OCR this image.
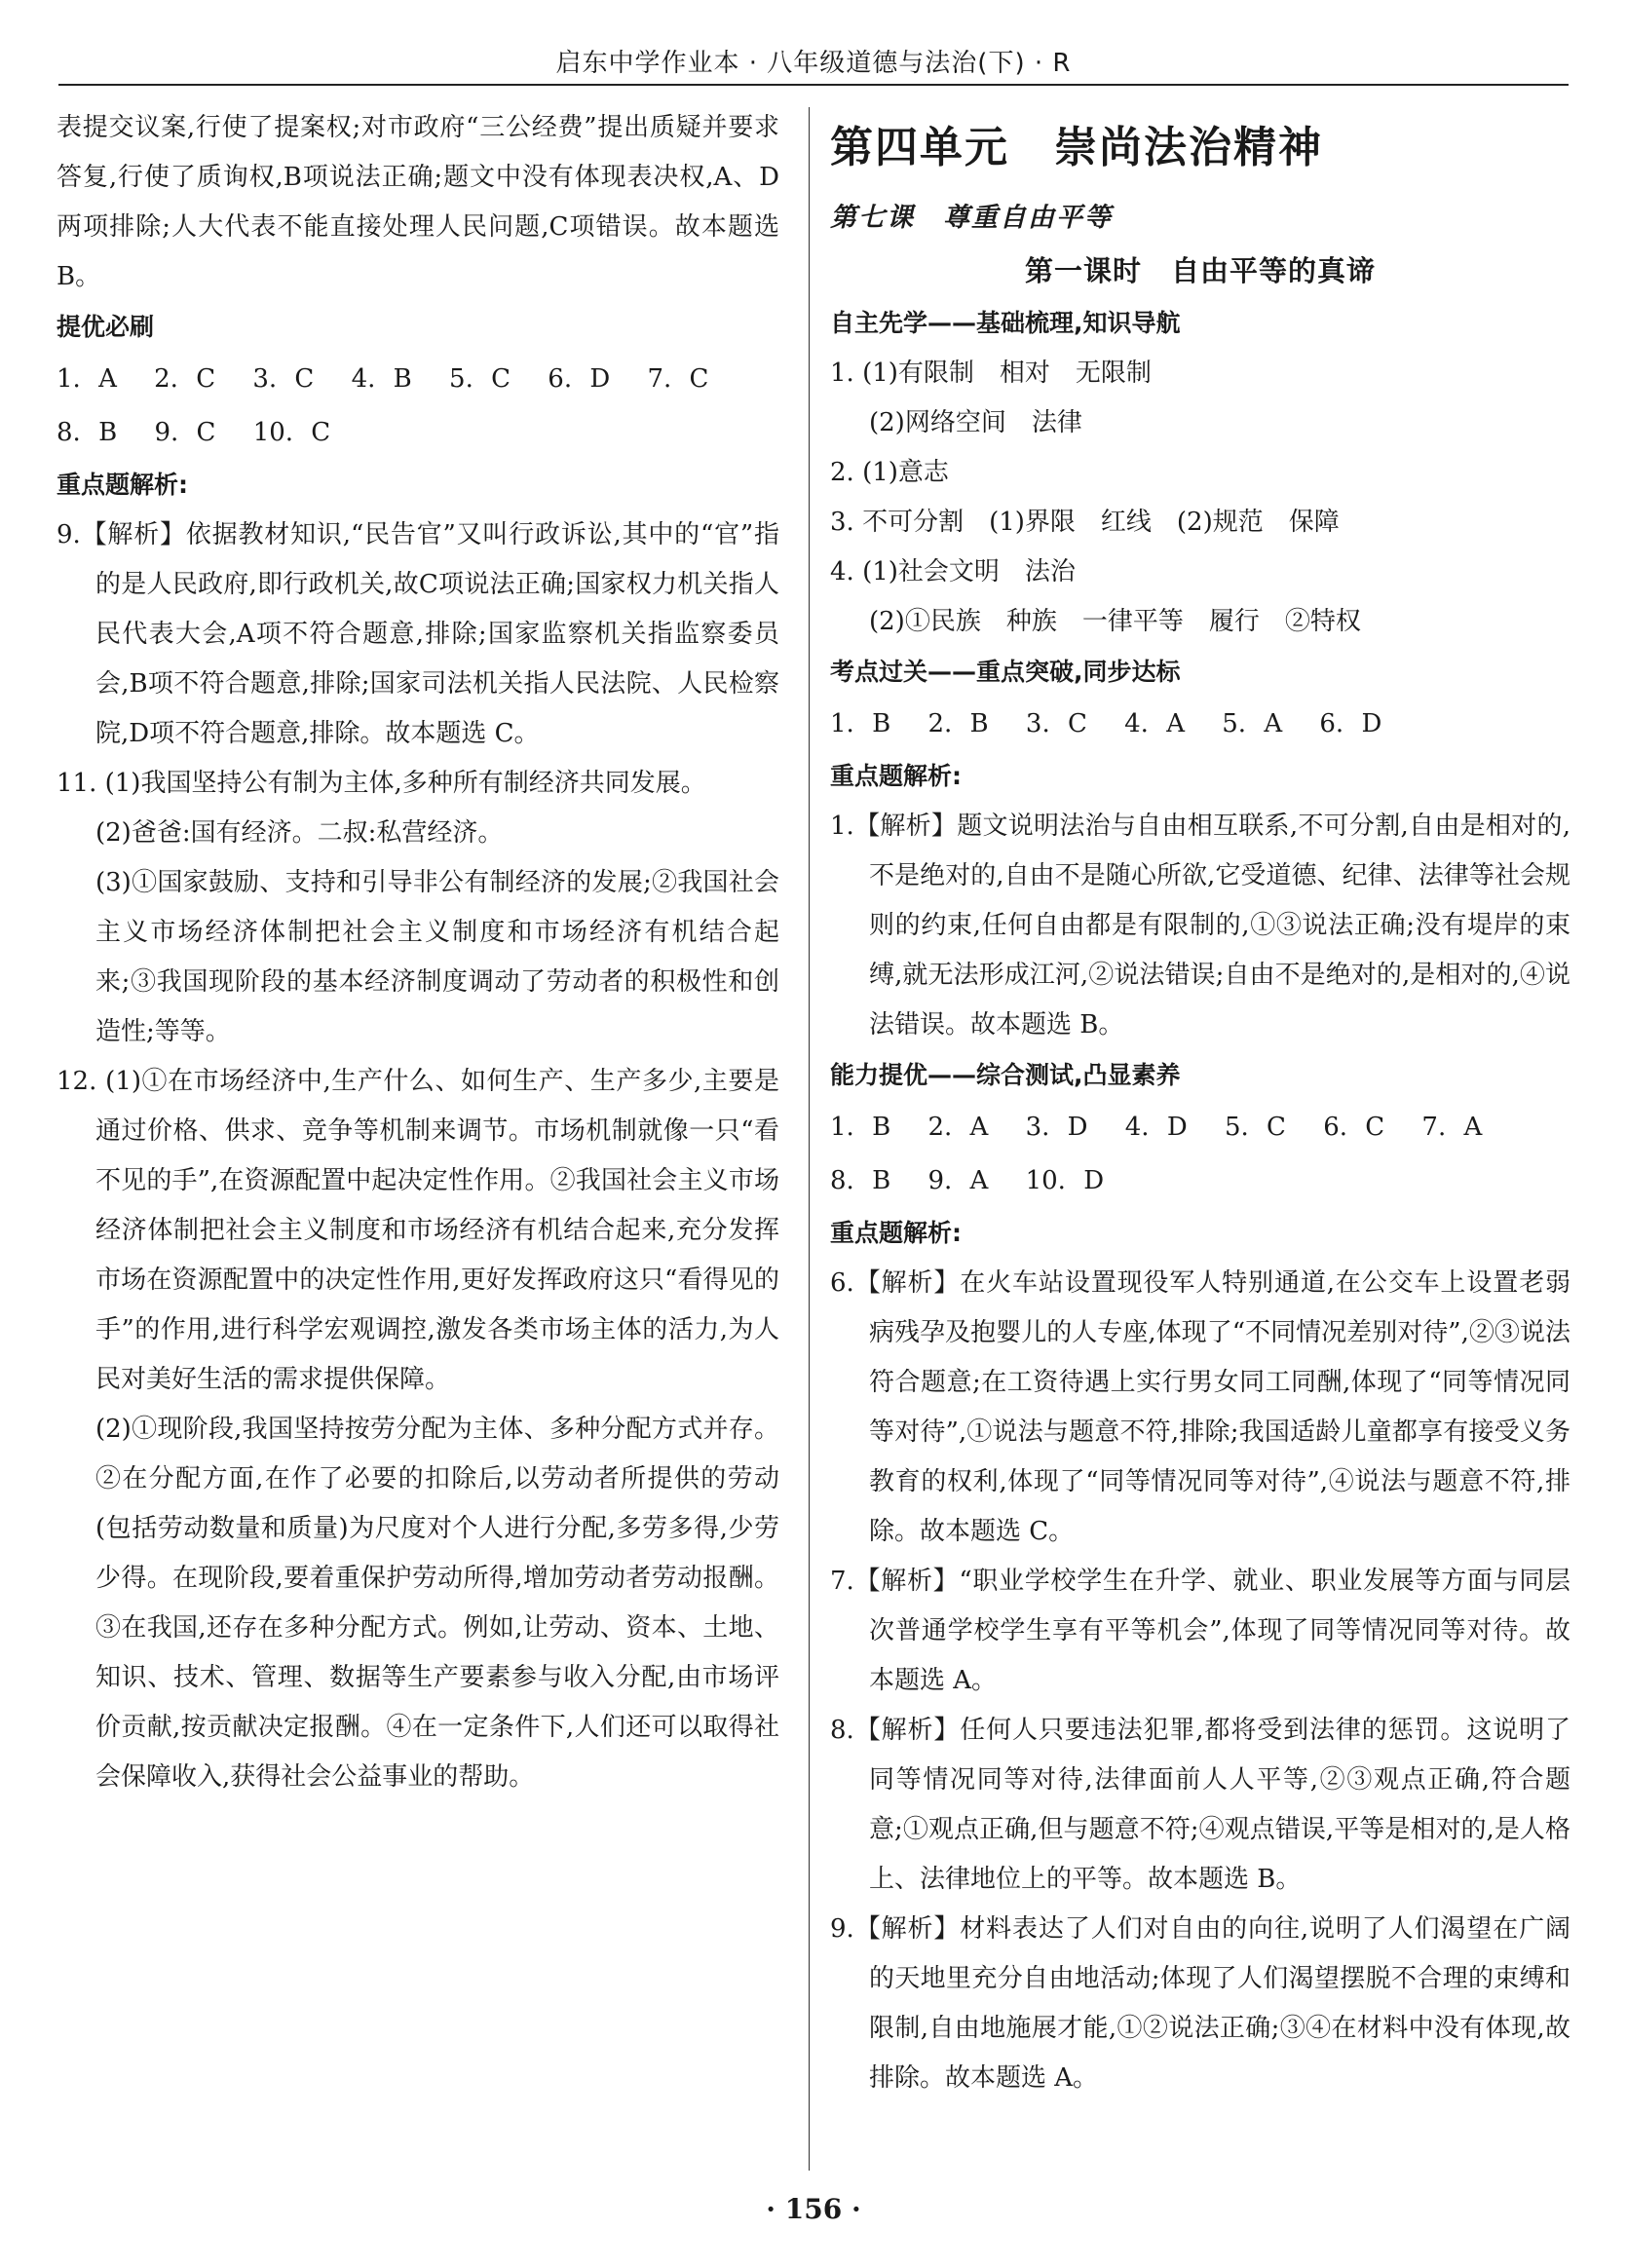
启东中学作业本 · 八年级道德与法治(下) · R

表提交议案,行使了提案权;对市政府“三公经费”提出质疑并要求答复,行使了质询权,B项说法正确;题文中没有体现表决权,A、D两项排除;人大代表不能直接处理人民问题,C项错误。故本题选 B。

提优必刷

1. A 2. C 3. C 4. B 5. C 6. D 7. C 8. B 9. C 10. C

重点题解析:

9.【解析】依据教材知识,“民告官”又叫行政诉讼,其中的“官”指的是人民政府,即行政机关,故C项说法正确;国家权力机关指人民代表大会,A项不符合题意,排除;国家监察机关指监察委员会,B项不符合题意,排除;国家司法机关指人民法院、人民检察院,D项不符合题意,排除。故本题选 C。

11. (1)我国坚持公有制为主体,多种所有制经济共同发展。

(2)爸爸:国有经济。二叔:私营经济。

(3)①国家鼓励、支持和引导非公有制经济的发展;②我国社会主义市场经济体制把社会主义制度和市场经济有机结合起来;③我国现阶段的基本经济制度调动了劳动者的积极性和创造性;等等。

12. (1)①在市场经济中,生产什么、如何生产、生产多少,主要是通过价格、供求、竞争等机制来调节。市场机制就像一只“看不见的手”,在资源配置中起决定性作用。②我国社会主义市场经济体制把社会主义制度和市场经济有机结合起来,充分发挥市场在资源配置中的决定性作用,更好发挥政府这只“看得见的手”的作用,进行科学宏观调控,激发各类市场主体的活力,为人民对美好生活的需求提供保障。

(2)①现阶段,我国坚持按劳分配为主体、多种分配方式并存。②在分配方面,在作了必要的扣除后,以劳动者所提供的劳动(包括劳动数量和质量)为尺度对个人进行分配,多劳多得,少劳少得。在现阶段,要着重保护劳动所得,增加劳动者劳动报酬。③在我国,还存在多种分配方式。例如,让劳动、资本、土地、知识、技术、管理、数据等生产要素参与收入分配,由市场评价贡献,按贡献决定报酬。④在一定条件下,人们还可以取得社会保障收入,获得社会公益事业的帮助。

第四单元　崇尚法治精神

第七课　尊重自由平等

第一课时　自由平等的真谛

自主先学——基础梳理,知识导航

1. (1)有限制　相对　无限制

(2)网络空间　法律

2. (1)意志

3. 不可分割　(1)界限　红线　(2)规范　保障

4. (1)社会文明　法治

(2)①民族　种族　一律平等　履行　②特权

考点过关——重点突破,同步达标

1. B 2. B 3. C 4. A 5. A 6. D

重点题解析:

1.【解析】题文说明法治与自由相互联系,不可分割,自由是相对的,不是绝对的,自由不是随心所欲,它受道德、纪律、法律等社会规则的约束,任何自由都是有限制的,①③说法正确;没有堤岸的束缚,就无法形成江河,②说法错误;自由不是绝对的,是相对的,④说法错误。故本题选 B。

能力提优——综合测试,凸显素养

1. B 2. A 3. D 4. D 5. C 6. C 7. A 8. B 9. A 10. D

重点题解析:

6.【解析】在火车站设置现役军人特别通道,在公交车上设置老弱病残孕及抱婴儿的人专座,体现了“不同情况差别对待”,②③说法符合题意;在工资待遇上实行男女同工同酬,体现了“同等情况同等对待”,①说法与题意不符,排除;我国适龄儿童都享有接受义务教育的权利,体现了“同等情况同等对待”,④说法与题意不符,排除。故本题选 C。

7.【解析】“职业学校学生在升学、就业、职业发展等方面与同层次普通学校学生享有平等机会”,体现了同等情况同等对待。故本题选 A。

8.【解析】任何人只要违法犯罪,都将受到法律的惩罚。这说明了同等情况同等对待,法律面前人人平等,②③观点正确,符合题意;①观点正确,但与题意不符;④观点错误,平等是相对的,是人格上、法律地位上的平等。故本题选 B。

9.【解析】材料表达了人们对自由的向往,说明了人们渴望在广阔的天地里充分自由地活动;体现了人们渴望摆脱不合理的束缚和限制,自由地施展才能,①②说法正确;③④在材料中没有体现,故排除。故本题选 A。

· 156 ·
